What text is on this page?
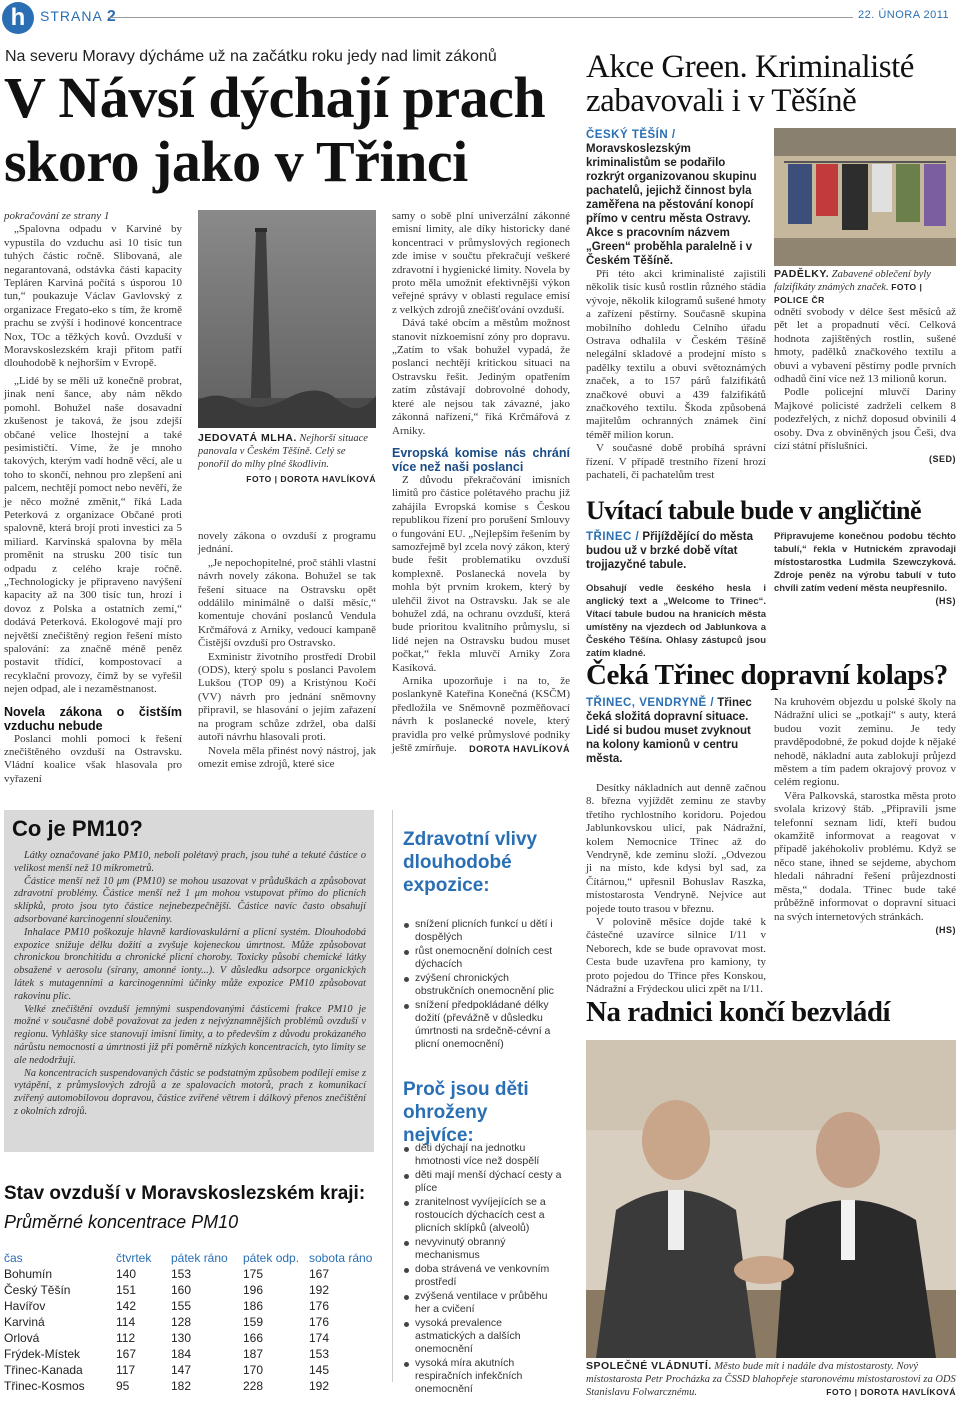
h	STRANA	22. ÚNORA 2011
Na severu Moravy dýcháme už na začátku roku jedy nad limit zákonů
V Návsí dýchají prach
skoro jako v Třinci

pokračování ze strany 1

„Spalovna odpadu v Karviné by vypustila do vzduchu asi 10 tisíc tun tuhých částic ročně. Slibovaná, ale negarantovaná, odstávka části kapacity Tepláren Karviná počítá s úsporou 10 tun,“ poukazuje Václav Gavlovský z organizace Fregato-eko s tím, že kromě prachu se zvýší i hodinové koncentrace Nox, TOc a těžkých kovů. Ovzduší v Moravskoslezském kraji přitom patří dlouhodobě k nejhorším v Evropě.

„Lidé by se měli už konečně probrat, jinak není šance, aby nám někdo pomohl. Bohužel naše dosavadní zkušenost je taková, že jsou zdejší občané velice lhostejní a také pesimističtí. Víme, že je mnoho takových, kterým vadí hodně věcí, ale u toho to skončí, nehnou pro zlepšení ani palcem, nechtějí pomoct nebo nevěří, že je něco možné změnit,“ říká Lada Peterková z organizace Občané proti spalovně, která brojí proti investici za 5 miliard. Karvinská spalovna by měla proměnit na strusku 200 tisíc tun odpadu z celého kraje ročně. „Technologicky je připraveno navýšení kapacity až na 300 tisíc tun, hrozí i dovoz z Polska a ostatních zemí,“ dodává Peterková. Ekologové mají pro největší znečištěný region řešení místo spalování: za značně méně peněz postavit třídící, kompostovací a recyklační provozy, čímž by se vyřešil nejen odpad, ale i nezaměstnanost.

Novela zákona o čistším vzduchu nebude

Poslanci mohli pomoci k řešení znečištěného ovzduší na Ostravsku. Vládní koalice však hlasovala pro vyřazení

JEDOVATÁ MLHA. Nejhorší situace panovala v Českém Těšíně. Celý se ponořil do mlhy plné škodlivin.
FOTO | DOROTA HAVLÍKOVÁ

novely zákona o ovzduší z programu jednání.

„Je nepochopitelné, proč stáhli vlastní návrh novely zákona. Bohužel se tak řešení situace na Ostravsku opět oddálilo minimálně o další měsíc,“ komentuje chování poslanců Vendula Krčmářová z Arniky, vedoucí kampaně Čistější ovzduší pro Ostravsko.

Exministr životního prostředí Drobil (ODS), který spolu s poslanci Pavolem Lukšou (TOP 09) a Kristýnou Kočí (VV) návrh pro jednání sněmovny připravil, se hlasování o jejím zařazení na program schůze zdržel, oba další autoři návrhu hlasovali proti.

Novela měla přinést nový nástroj, jak omezit emise zdrojů, které sice

samy o sobě plní univerzální zákonné emisní limity, ale díky historicky dané koncentraci v průmyslových regionech zde imise v součtu překračují veškeré zdravotní i hygienické limity. Novela by proto měla umožnit efektivnější výkon veřejné správy v oblasti regulace emisí z velkých zdrojů znečišťování ovzduší.

Dává také obcím a městům možnost stanovit nízkoemisní zóny pro dopravu. „Zatím to však bohužel vypadá, že poslanci nechtějí kritickou situaci na Ostravsku řešit. Jediným opatřením zatím zůstávají dobrovolné dohody, které ale nejsou tak závazné, jako zákonná nařízení,“ říká Krčmářová z Arniky.

Evropská komise nás chrání více než naši poslanci

Z důvodu překračování imisních limitů pro částice polétavého prachu již zahájila Evropská komise s Českou republikou řízení pro porušení Smlouvy o fungování EU. „Nejlepším řešením by samozřejmě byl zcela nový zákon, který bude řešit problematiku ovzduší komplexně. Poslanecká novela by mohla být prvním krokem, který by ulehčil život na Ostravsku. Jak se ale bohužel zdá, na ochranu ovzduší, která bude prioritou kvalitního průmyslu, si lidé nejen na Ostravsku budou muset počkat,“ řekla mluvčí Arniky Zora Kasíková.

Arnika upozorňuje i na to, že poslankyně Kateřina Konečná (KSČM) předložila ve Sněmovně pozměňovací návrh k poslanecké novele, který pravidla pro velké průmyslové podniky ještě zmírňuje.	DOROTA HAVLÍKOVÁ
Co je PM10?

Látky označované jako PM10, neboli polétavý prach, jsou tuhé a tekuté částice o velikost menší než 10 mikrometrů.

Částice menší než 10 μm (PM10) se mohou usazovat v průduškách a způsobovat zdravotní problémy. Částice menší než 1 μm mohou vstupovat přímo do plicních sklípků, proto jsou tyto částice nejnebezpečnější. Částice navíc často obsahují adsorbované karcinogenní sloučeniny.

Inhalace PM10 poškozuje hlavně kardiovaskulární a plicní systém. Dlouhodobá expozice snižuje délku dožití a zvyšuje kojeneckou úmrtnost. Může způsobovat chronickou bronchitidu a chronické plicní choroby. Toxicky působí chemické látky obsažené v aerosolu (sírany, amonné ionty...). V důsledku adsorpce organických látek s mutagenními a karcinogenními účinky může expozice PM10 způsobovat rakovinu plic.

Velké znečištění ovzduší jemnými suspendovanými částicemi frakce PM10 je možné v současné době považovat za jeden z nejvýznamnějších problémů ovzduší v regionu. Vyhlášky sice stanovují imisní limity, a to především z důvodu prokázaného nárůstu nemocnosti a úmrtnosti již při poměrně nízkých koncentracích, tyto limity se ale nedodržují.

Na koncentracích suspendovaných částic se podstatným způsobem podílejí emise z vytápění, z průmyslových zdrojů a ze spalovacích motorů, prach z komunikací zvířený automobilovou dopravou, částice zvířené větrem i dálkový přenos znečištění z okolních zdrojů.

Stav ovzduší v Moravskoslezském kraji:
Průměrné koncentrace PM10
čas	čtvrtek	pátek ráno	pátek odp.	sobota ráno
Bohumín	140	153	175	167
Český Těšín	151	160	196	192
Havířov	142	155	186	176
Karviná	114	128	159	176
Orlová	112	130	166	174
Frýdek-Místek	167	184	187	153
Třinec-Kanada	117	147	170	145
Třinec-Kosmos	95	182	228	192
Zdravotní vlivy dlouhodobé expozice:
snížení plicních funkcí u dětí i dospělých
růst onemocnění dolních cest dýchacích
zvýšení chronických obstrukčních onemocnění plic
snížení předpokládané délky dožití (převážně v důsledku úmrtnosti na srdečně-cévní a plicní onemocnění)
Proč jsou děti ohroženy nejvíce:
děti dýchají na jednotku hmotnosti více než dospělí
děti mají menší dýchací cesty a plíce
zranitelnost vyvíjejících se a rostoucích dýchacích cest a plicních sklípků (alveolů)
nevyvinutý obranný mechanismus
doba strávená ve venkovním prostředí
zvýšená ventilace v průběhu her a cvičení
vysoká prevalence astmatických a dalších onemocnění
vysoká míra akutních respiračních infekčních onemocnění
Akce Green. Kriminalisté zabavovali i v Těšíně
ČESKÝ TĚŠÍN / Moravskoslezským kriminalistům se podařilo rozkrýt organizovanou skupinu pachatelů, jejichž činnost byla zaměřena na pěstování konopí přímo v centru města Ostravy. Akce s pracovním názvem „Green“ proběhla paralelně i v Českém Těšíně.
PADĚLKY. Zabavené oblečení byly falzifikáty známých značek. FOTO | POLICE ČR

Při této akci kriminalisté zajistili několik tisíc kusů rostlin různého stádia vývoje, několik kilogramů sušené hmoty a zařízení pěstírny. Současně skupina mobilního dohledu Celního úřadu Ostrava odhalila v Českém Těšíně nelegální skladové a prodejní místo s padělky textilu a obuvi světoznámých značek, a to 157 párů falzifikátů značkové obuvi a 439 falzifikátů značkového textilu. Škoda způsobená majitelům ochranných známek činí téměř milion korun.

V současné době probíhá správní řízení. V případě trestního řízení hrozí pachateli, či pachatelům trest

odnětí svobody v délce šest měsíců až pět let a propadnutí věcí. Celková hodnota zajištěných rostlin, sušené hmoty, padělků značkového textilu a obuvi a vybavení pěstírny podle prvních odhadů činí více než 13 milionů korun.

Podle policejní mluvčí Dariny Majkové policisté zadrželi celkem 8 podezřelých, z nichž doposud obvinili 4 osoby. Dva z obviněných jsou Češi, dva cizí státní příslušníci.

(SED)
Uvítací tabule bude v angličtině
TŘINEC / Přijíždějící do města budou už v brzké době vítat trojjazyčné tabule.

Obsahují vedle českého hesla i anglický text a „Welcome to Třinec“. Vítací tabule budou na hranicích města umístěny na vjezdech od Jablunkova a Českého Těšína. Ohlasy zástupců jsou zatím kladné.

Připravujeme konečnou podobu těchto tabulí,“ řekla v Hutnickém zpravodaji místostarostka Ludmila Szewczyková. Zdroje peněz na výrobu tabulí v tuto chvíli zatím vedení města neupřesnilo.

(HS)
Čeká Třinec dopravní kolaps?
TŘINEC, VENDRYNĚ / Třinec čeká složitá dopravní situace. Lidé si budou muset zvyknout na kolony kamionů v centru města.

Desítky nákladních aut denně začnou 8. března vyjíždět zeminu ze stavby třetího rychlostního koridoru. Pojedou Jablunkovskou ulicí, pak Nádražní, kolem Nemocnice Třinec až do Vendryně, kde zeminu složí. „Odvezou ji na místo, kde kdysi byl sad, za Čítárnou,“ upřesnil Bohuslav Raszka, místostarosta Vendryně. Nejvíce aut pojede touto trasou v březnu.

V polovině měsíce dojde také k částečné uzavírce silnice I/11 v Neborech, kde se bude opravovat most. Cesta bude uzavřena pro kamiony, ty proto pojedou do Třince přes Konskou, Nádražní a Frýdeckou ulici zpět na I/11.

Na kruhovém objezdu u polské školy na Nádražní ulici se „potkají“ s auty, která budou vozit zeminu. Je tedy pravděpodobné, že pokud dojde k nějaké nehodě, nákladní auta zablokují průjezd městem a tím padem okrajový provoz v celém regionu.

Věra Palkovská, starostka města proto svolala krizový štáb. „Připravili jsme telefonní seznam lidí, kteří budou okamžitě informovat a reagovat v případě jakéhokoliv problému. Když se něco stane, ihned se sejdeme, abychom hledali náhradní řešení průjezdnosti města,“ dodala. Třinec bude také průběžně informovat o dopravní situaci na svých internetových stránkách.

(HS)
Na radnici končí bezvládí
SPOLEČNÉ VLÁDNUTÍ. Město bude mít i nadále dva místostarosty. Nový místostarosta Petr Procházka za ČSSD blahopřeje staronovému místostarostovi za ODS Stanislavu Folwarcznému.	FOTO | DOROTA HAVLÍKOVÁ
